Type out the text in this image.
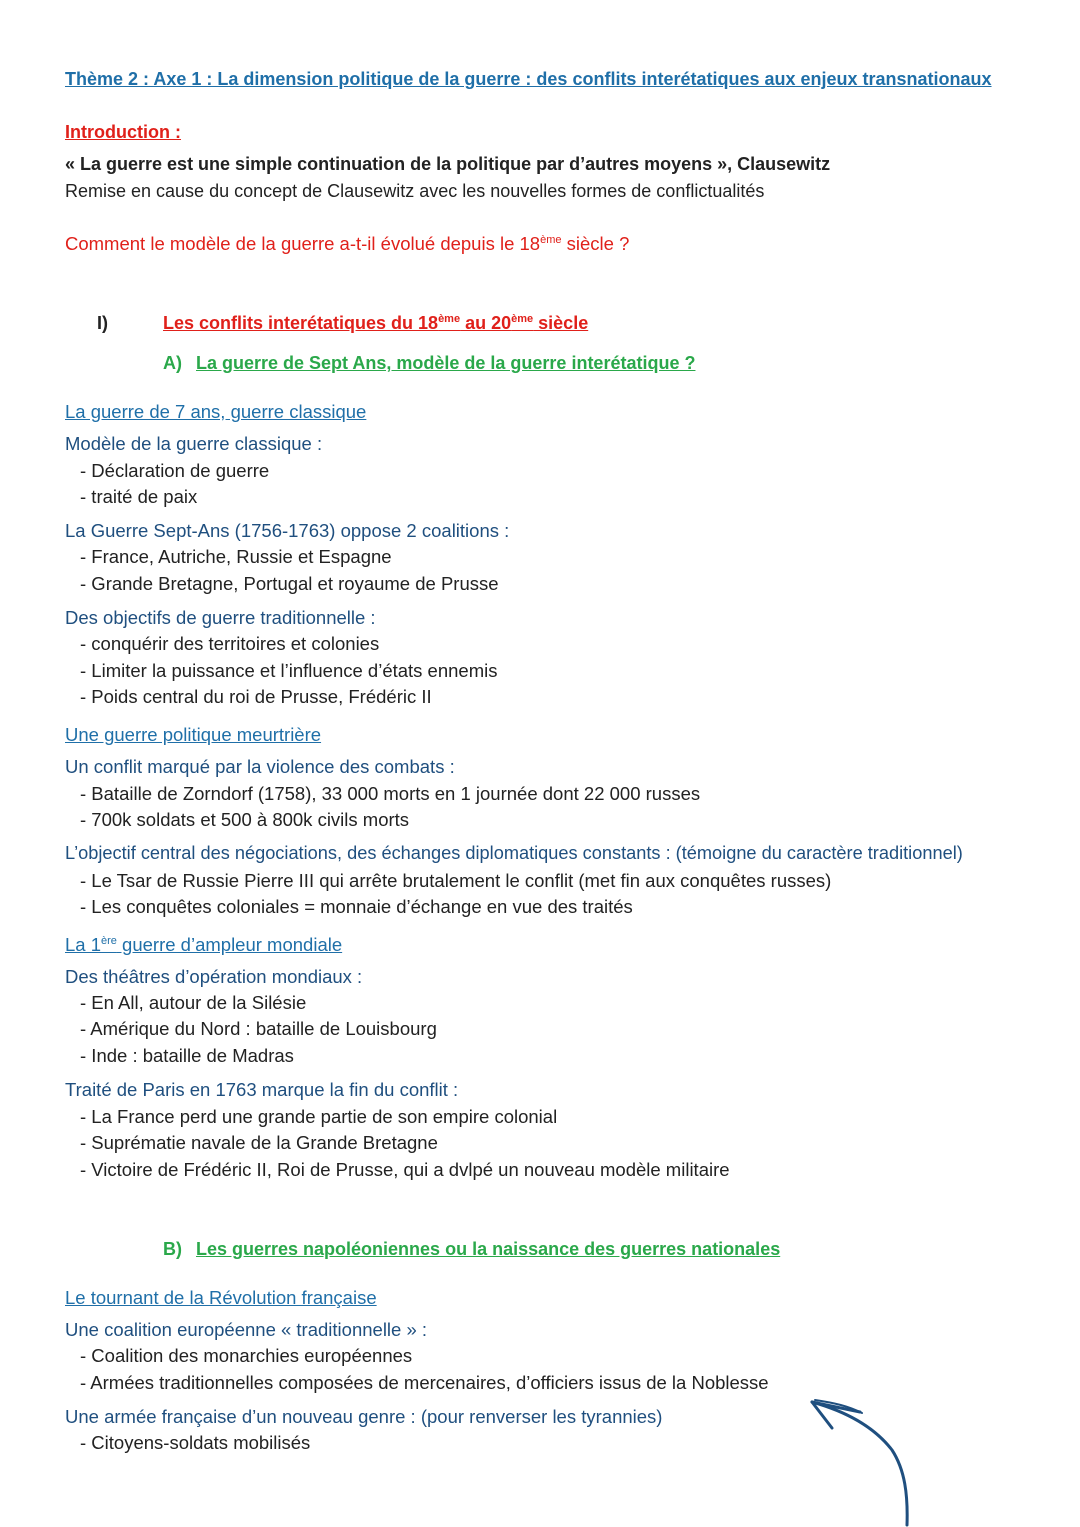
Thème 2 : Axe 1 : La dimension politique de la guerre : des conflits interétatiques aux enjeux transnationaux
Introduction :
« La guerre est une simple continuation de la politique par d’autres moyens », Clausewitz
Remise en cause du concept de Clausewitz avec les nouvelles formes de conflictualités
Comment le modèle de la guerre a-t-il évolué depuis le 18ème siècle ?
I)	Les conflits interétatiques du 18ème au 20ème siècle
A) La guerre de Sept Ans, modèle de la guerre interétatique ?
La guerre de 7 ans, guerre classique
Modèle de la guerre classique :
- Déclaration de guerre
- traité de paix
La Guerre Sept-Ans (1756-1763) oppose 2 coalitions :
- France, Autriche, Russie et Espagne
- Grande Bretagne, Portugal et royaume de Prusse
Des objectifs de guerre traditionnelle :
- conquérir des territoires et colonies
- Limiter la puissance et l’influence d’états ennemis
- Poids central du roi de Prusse, Frédéric II
Une guerre politique meurtrière
Un conflit marqué par la violence des combats :
- Bataille de Zorndorf (1758), 33 000 morts en 1 journée dont 22 000 russes
- 700k soldats et 500 à 800k civils morts
L’objectif central des négociations, des échanges diplomatiques constants : (témoigne du caractère traditionnel)
- Le Tsar de Russie Pierre III qui arrête brutalement le conflit (met fin aux conquêtes russes)
- Les conquêtes coloniales = monnaie d’échange en vue des traités
La 1ère guerre d’ampleur mondiale
Des théâtres d’opération mondiaux :
- En All, autour de la Silésie
- Amérique du Nord : bataille de Louisbourg
- Inde : bataille de Madras
Traité de Paris en 1763 marque la fin du conflit :
- La France perd une grande partie de son empire colonial
- Suprématie navale de la Grande Bretagne
- Victoire de Frédéric II, Roi de Prusse, qui a dvlpé un nouveau modèle militaire
B) Les guerres napoléoniennes ou la naissance des guerres nationales
Le tournant de la Révolution française
Une coalition européenne « traditionnelle » :
- Coalition des monarchies européennes
- Armées traditionnelles composées de mercenaires, d’officiers issus de la Noblesse
Une armée française d’un nouveau genre : (pour renverser les tyrannies)
- Citoyens-soldats mobilisés
